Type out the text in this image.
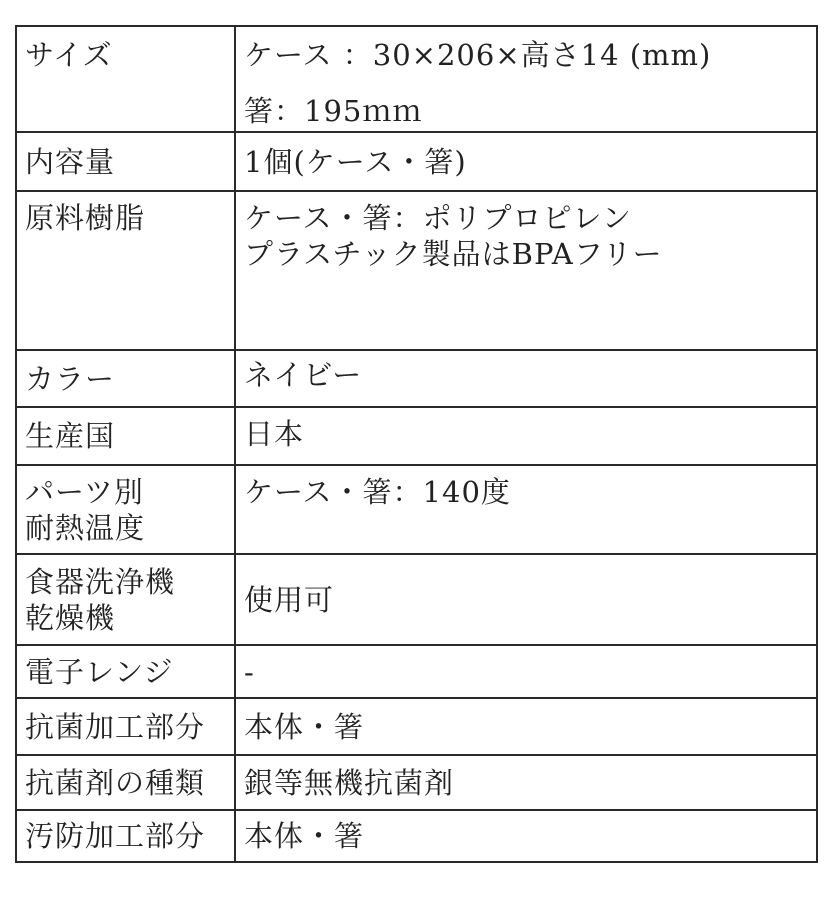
サイズ	ケース ：30×206×高さ14 (mm)
箸：195ｍｍ

内容量	1個(ケース・箸)

原料樹脂	ケース・箸：ポリプロピレン
プラスチック製品はBPAフリー

カラー	ネイビー

生産国	日本

パーツ別
耐熱温度	ケース・箸：140度

食器洗浄機
乾燥機	使用可

電子レンジ	-

抗菌加工部分	本体・箸

抗菌剤の種類	銀等無機抗菌剤

汚防加工部分	本体・箸
